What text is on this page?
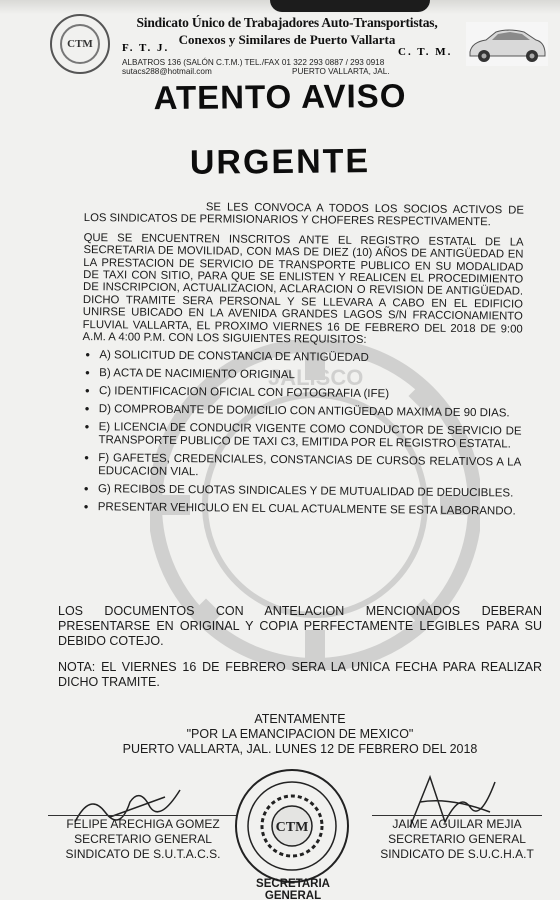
JALISCO
CTM
Sindicato Único de Trabajadores Auto-Transportistas,
Conexos y Similares de Puerto Vallarta
F. T. J.	C. T. M.
ALBATROS 136 (SALÓN C.T.M.) TEL./FAX 01 322 293 0887 / 293 0918
sutacs288@hotmail.com	PUERTO VALLARTA, JAL.
ATENTO AVISO
URGENTE

SE LES CONVOCA A TODOS LOS SOCIOS ACTIVOS DE LOS SINDICATOS DE PERMISIONARIOS Y CHOFERES RESPECTIVAMENTE.

QUE SE ENCUENTREN INSCRITOS ANTE EL REGISTRO ESTATAL DE LA SECRETARIA DE MOVILIDAD, CON MAS DE DIEZ (10) AÑOS DE ANTIGÜEDAD EN LA PRESTACION DE SERVICIO DE TRANSPORTE PUBLICO EN SU MODALIDAD DE TAXI CON SITIO, PARA QUE SE ENLISTEN Y REALICEN EL PROCEDIMIENTO DE INSCRIPCION, ACTUALIZACION, ACLARACION O REVISION DE ANTIGÜEDAD. DICHO TRAMITE SERA PERSONAL Y SE LLEVARA A CABO EN EL EDIFICIO UNIRSE UBICADO EN LA AVENIDA GRANDES LAGOS S/N FRACCIONAMIENTO FLUVIAL VALLARTA, EL PROXIMO VIERNES 16 DE FEBRERO DEL 2018 DE 9:00 A.M. A 4:00 P.M. CON LOS SIGUIENTES REQUISITOS:

• A) SOLICITUD DE CONSTANCIA DE ANTIGÜEDAD
• B) ACTA DE NACIMIENTO ORIGINAL
• C) IDENTIFICACION OFICIAL CON FOTOGRAFIA (IFE)
• D) COMPROBANTE DE DOMICILIO CON ANTIGÜEDAD MAXIMA DE 90 DIAS.
• E) LICENCIA DE CONDUCIR VIGENTE COMO CONDUCTOR DE SERVICIO DE TRANSPORTE PUBLICO DE TAXI C3, EMITIDA POR EL REGISTRO ESTATAL.
• F) GAFETES, CREDENCIALES, CONSTANCIAS DE CURSOS RELATIVOS A LA EDUCACION VIAL.
• G) RECIBOS DE CUOTAS SINDICALES Y DE MUTUALIDAD DE DEDUCIBLES.
• PRESENTAR VEHICULO EN EL CUAL ACTUALMENTE SE ESTA LABORANDO.

LOS DOCUMENTOS CON ANTELACION MENCIONADOS DEBERAN PRESENTARSE EN ORIGINAL Y COPIA PERFECTAMENTE LEGIBLES PARA SU DEBIDO COTEJO.

NOTA: EL VIERNES 16 DE FEBRERO SERA LA UNICA FECHA PARA REALIZAR DICHO TRAMITE.

ATENTAMENTE
"POR LA EMANCIPACION DE MEXICO"
PUERTO VALLARTA, JAL. LUNES 12 DE FEBRERO DEL 2018
FELIPE ARECHIGA GOMEZ
SECRETARIO GENERAL
SINDICATO DE S.U.T.A.C.S.
JAIME AGUILAR MEJIA
SECRETARIO GENERAL
SINDICATO DE S.U.C.H.A.T
CTM
SECRETARIA GENERAL
